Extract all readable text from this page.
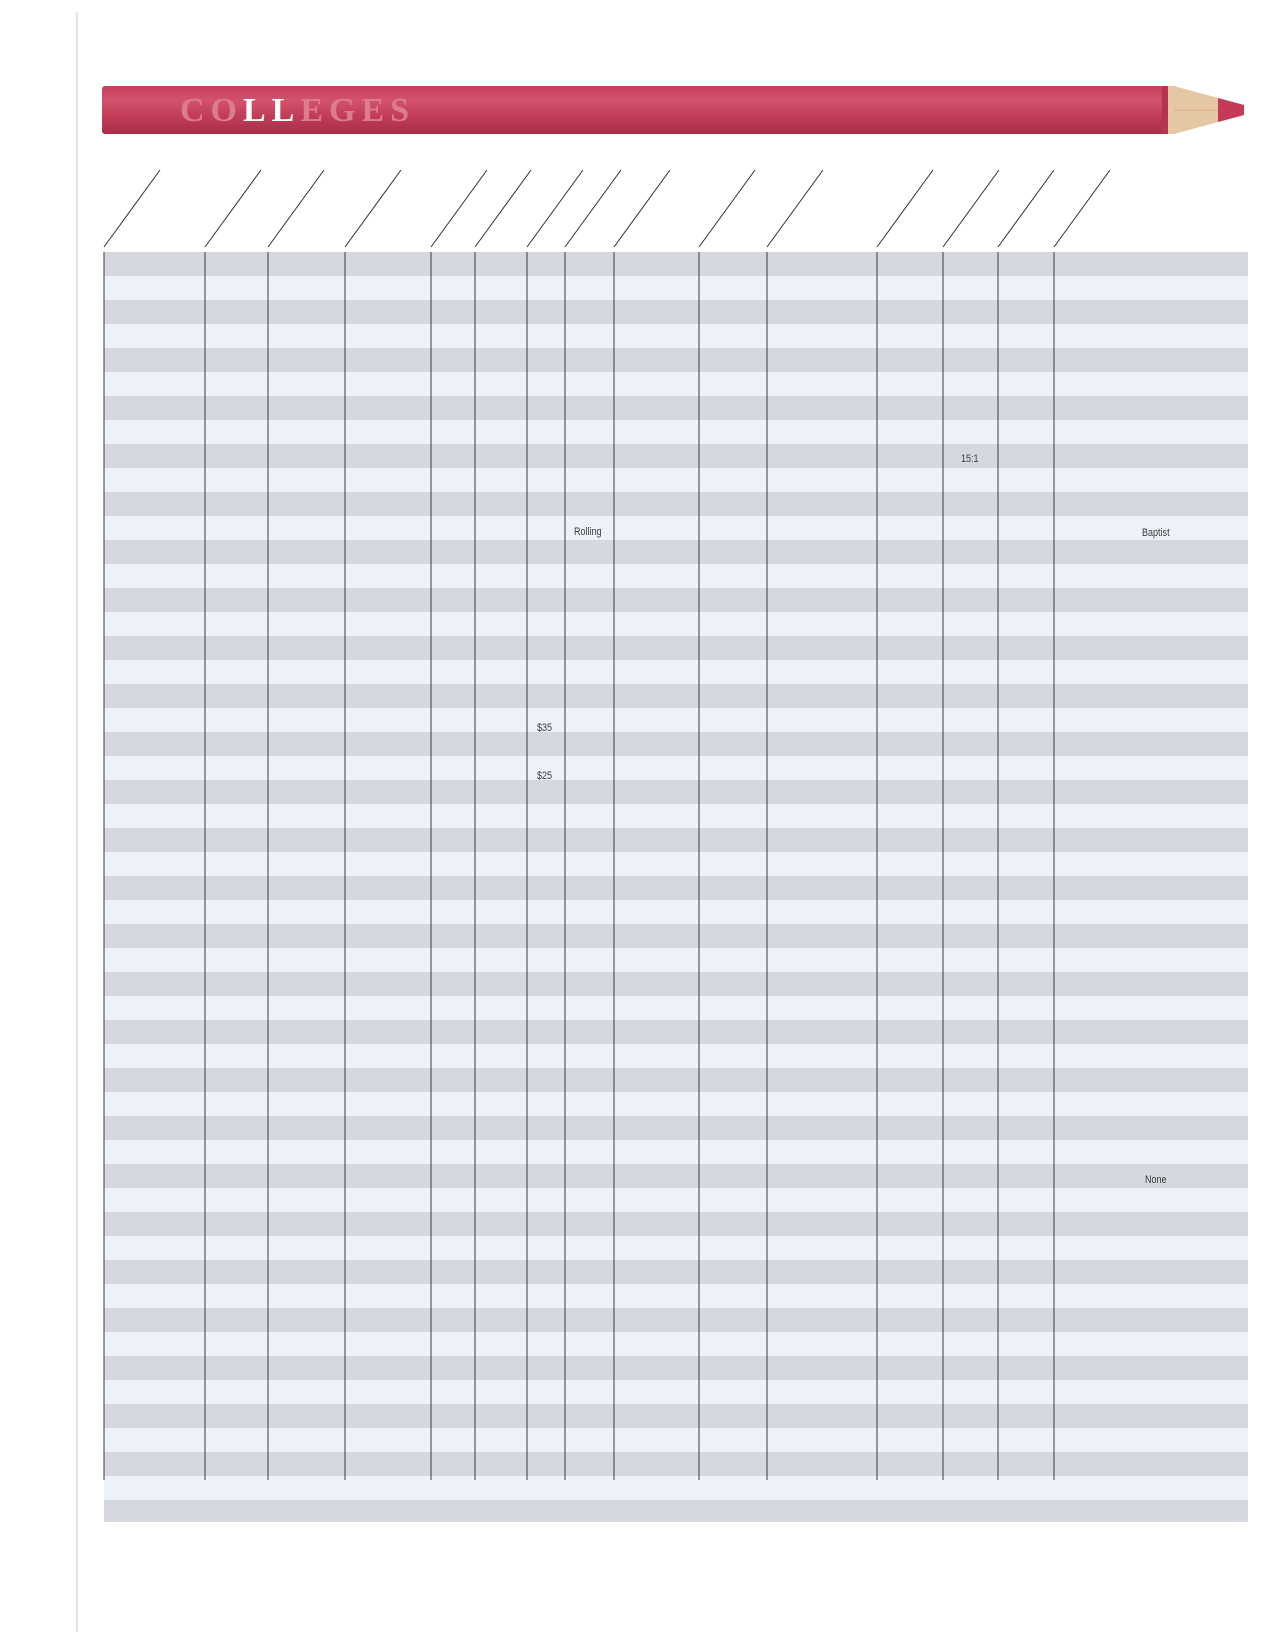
COLLEGES
Rolling	Baptist
$35
$25
15:1
None
